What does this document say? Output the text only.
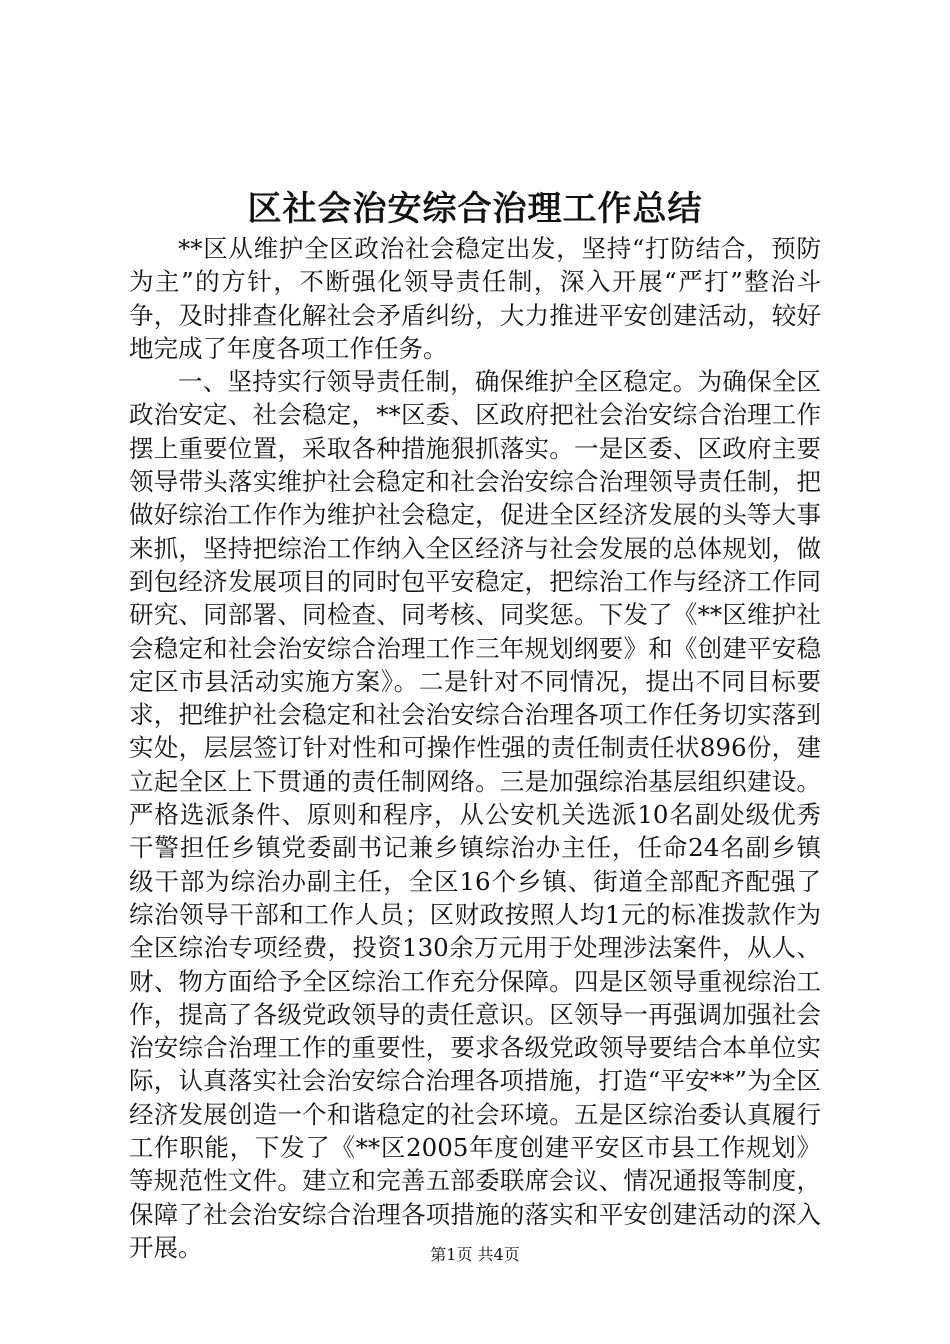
区社会治安综合治理工作总结

**区从维护全区政治社会稳定出发，坚持“打防结合，预防为主”的方针，不断强化领导责任制，深入开展“严打”整治斗争，及时排查化解社会矛盾纠纷，大力推进平安创建活动，较好地完成了年度各项工作任务。

一、坚持实行领导责任制，确保维护全区稳定。为确保全区政治安定、社会稳定，**区委、区政府把社会治安综合治理工作摆上重要位置，采取各种措施狠抓落实。一是区委、区政府主要领导带头落实维护社会稳定和社会治安综合治理领导责任制，把做好综治工作作为维护社会稳定，促进全区经济发展的头等大事来抓，坚持把综治工作纳入全区经济与社会发展的总体规划，做到包经济发展项目的同时包平安稳定，把综治工作与经济工作同研究、同部署、同检查、同考核、同奖惩。下发了《**区维护社会稳定和社会治安综合治理工作三年规划纲要》和《创建平安稳定区市县活动实施方案》。二是针对不同情况，提出不同目标要求，把维护社会稳定和社会治安综合治理各项工作任务切实落到实处，层层签订针对性和可操作性强的责任制责任状896份，建立起全区上下贯通的责任制网络。三是加强综治基层组织建设。严格选派条件、原则和程序，从公安机关选派10名副处级优秀干警担任乡镇党委副书记兼乡镇综治办主任，任命24名副乡镇级干部为综治办副主任，全区16个乡镇、街道全部配齐配强了综治领导干部和工作人员；区财政按照人均1元的标准拨款作为全区综治专项经费，投资130余万元用于处理涉法案件，从人、财、物方面给予全区综治工作充分保障。四是区领导重视综治工作，提高了各级党政领导的责任意识。区领导一再强调加强社会治安综合治理工作的重要性，要求各级党政领导要结合本单位实际，认真落实社会治安综合治理各项措施，打造“平安**”为全区经济发展创造一个和谐稳定的社会环境。五是区综治委认真履行工作职能，下发了《**区2005年度创建平安区市县工作规划》等规范性文件。建立和完善五部委联席会议、情况通报等制度，保障了社会治安综合治理各项措施的落实和平安创建活动的深入开展。	第1页 共4页
